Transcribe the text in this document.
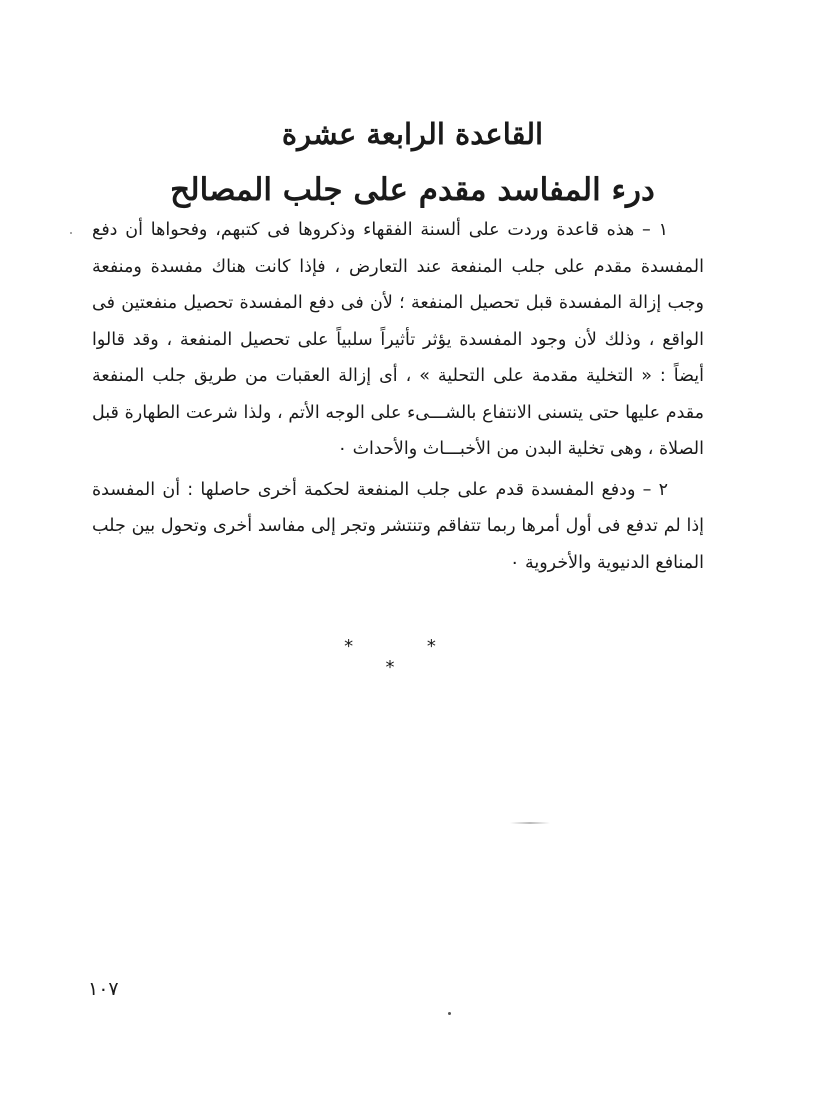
القاعدة الرابعة عشرة
درء المفاسد مقدم على جلب المصالح

١ – هذه قاعدة وردت على ألسنة الفقهاء وذكروها فى كتبهم، وفحواها أن دفع المفسدة مقدم على جلب المنفعة عند التعارض ، فإذا كانت هناك مفسدة ومنفعة وجب إزالة المفسدة قبل تحصيل المنفعة ؛ لأن فى دفع المفسدة تحصيل منفعتين فى الواقع ، وذلك لأن وجود المفسدة يؤثر تأثيراً سلبياً على تحصيل المنفعة ، وقد قالوا أيضاً : « التخلية مقدمة على التحلية » ، أى إزالة العقبات من طريق جلب المنفعة مقدم عليها حتى يتسنى الانتفاع بالشـــىء على الوجه الأتم ، ولذا شرعت الطهارة قبل الصلاة ، وهى تخلية البدن من الأخبـــاث والأحداث ٠

٢ – ودفع المفسدة قدم على جلب المنفعة لحكمة أخرى حاصلها : أن المفسدة إذا لم تدفع فى أول أمرها ربما تتفاقم وتنتشر وتجر إلى مفاسد أخرى وتحول بين جلب المنافع الدنيوية والأخروية ٠

* * *
١٠٧
